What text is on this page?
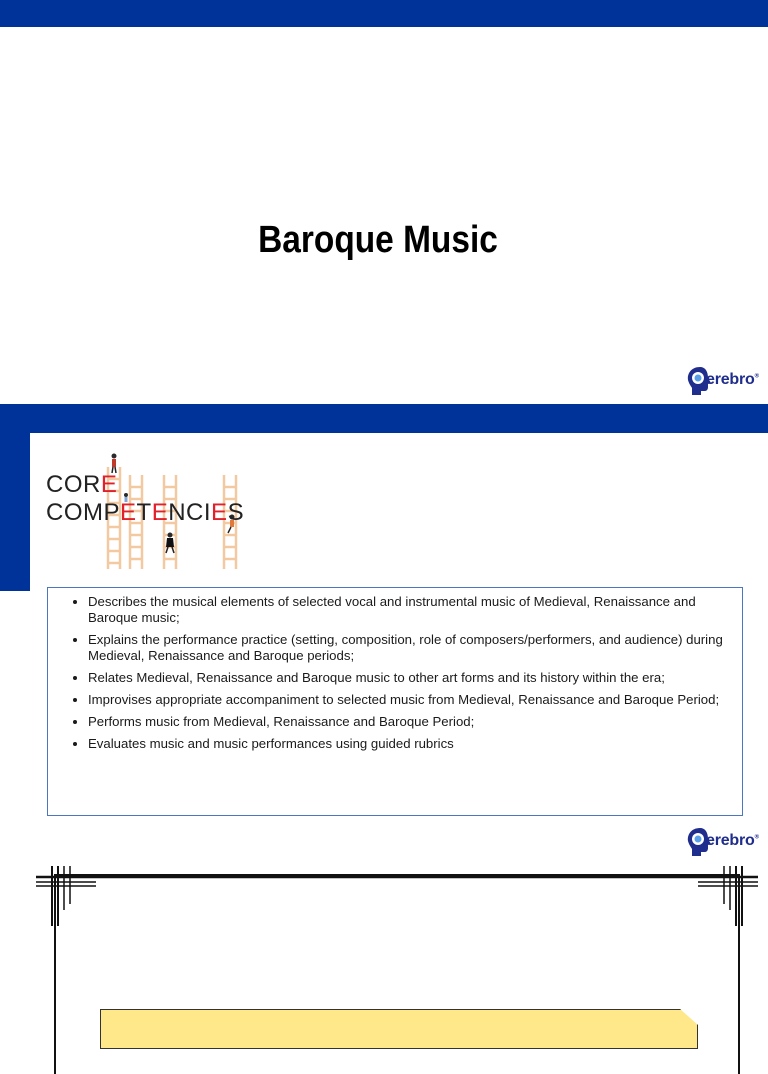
Baroque Music
erebro®

CORE

COMPETENCIES

• Describes the musical elements of selected vocal and instrumental music of Medieval, Renaissance and Baroque music;
• Explains the performance practice (setting, composition, role of composers/performers, and audience) during Medieval, Renaissance and Baroque periods;
• Relates Medieval, Renaissance and Baroque music to other art forms and its history within the era;
• Improvises appropriate accompaniment to selected music from Medieval, Renaissance and Baroque Period;
• Performs music from Medieval, Renaissance and Baroque Period;
• Evaluates music and music performances using guided rubrics
erebro®
